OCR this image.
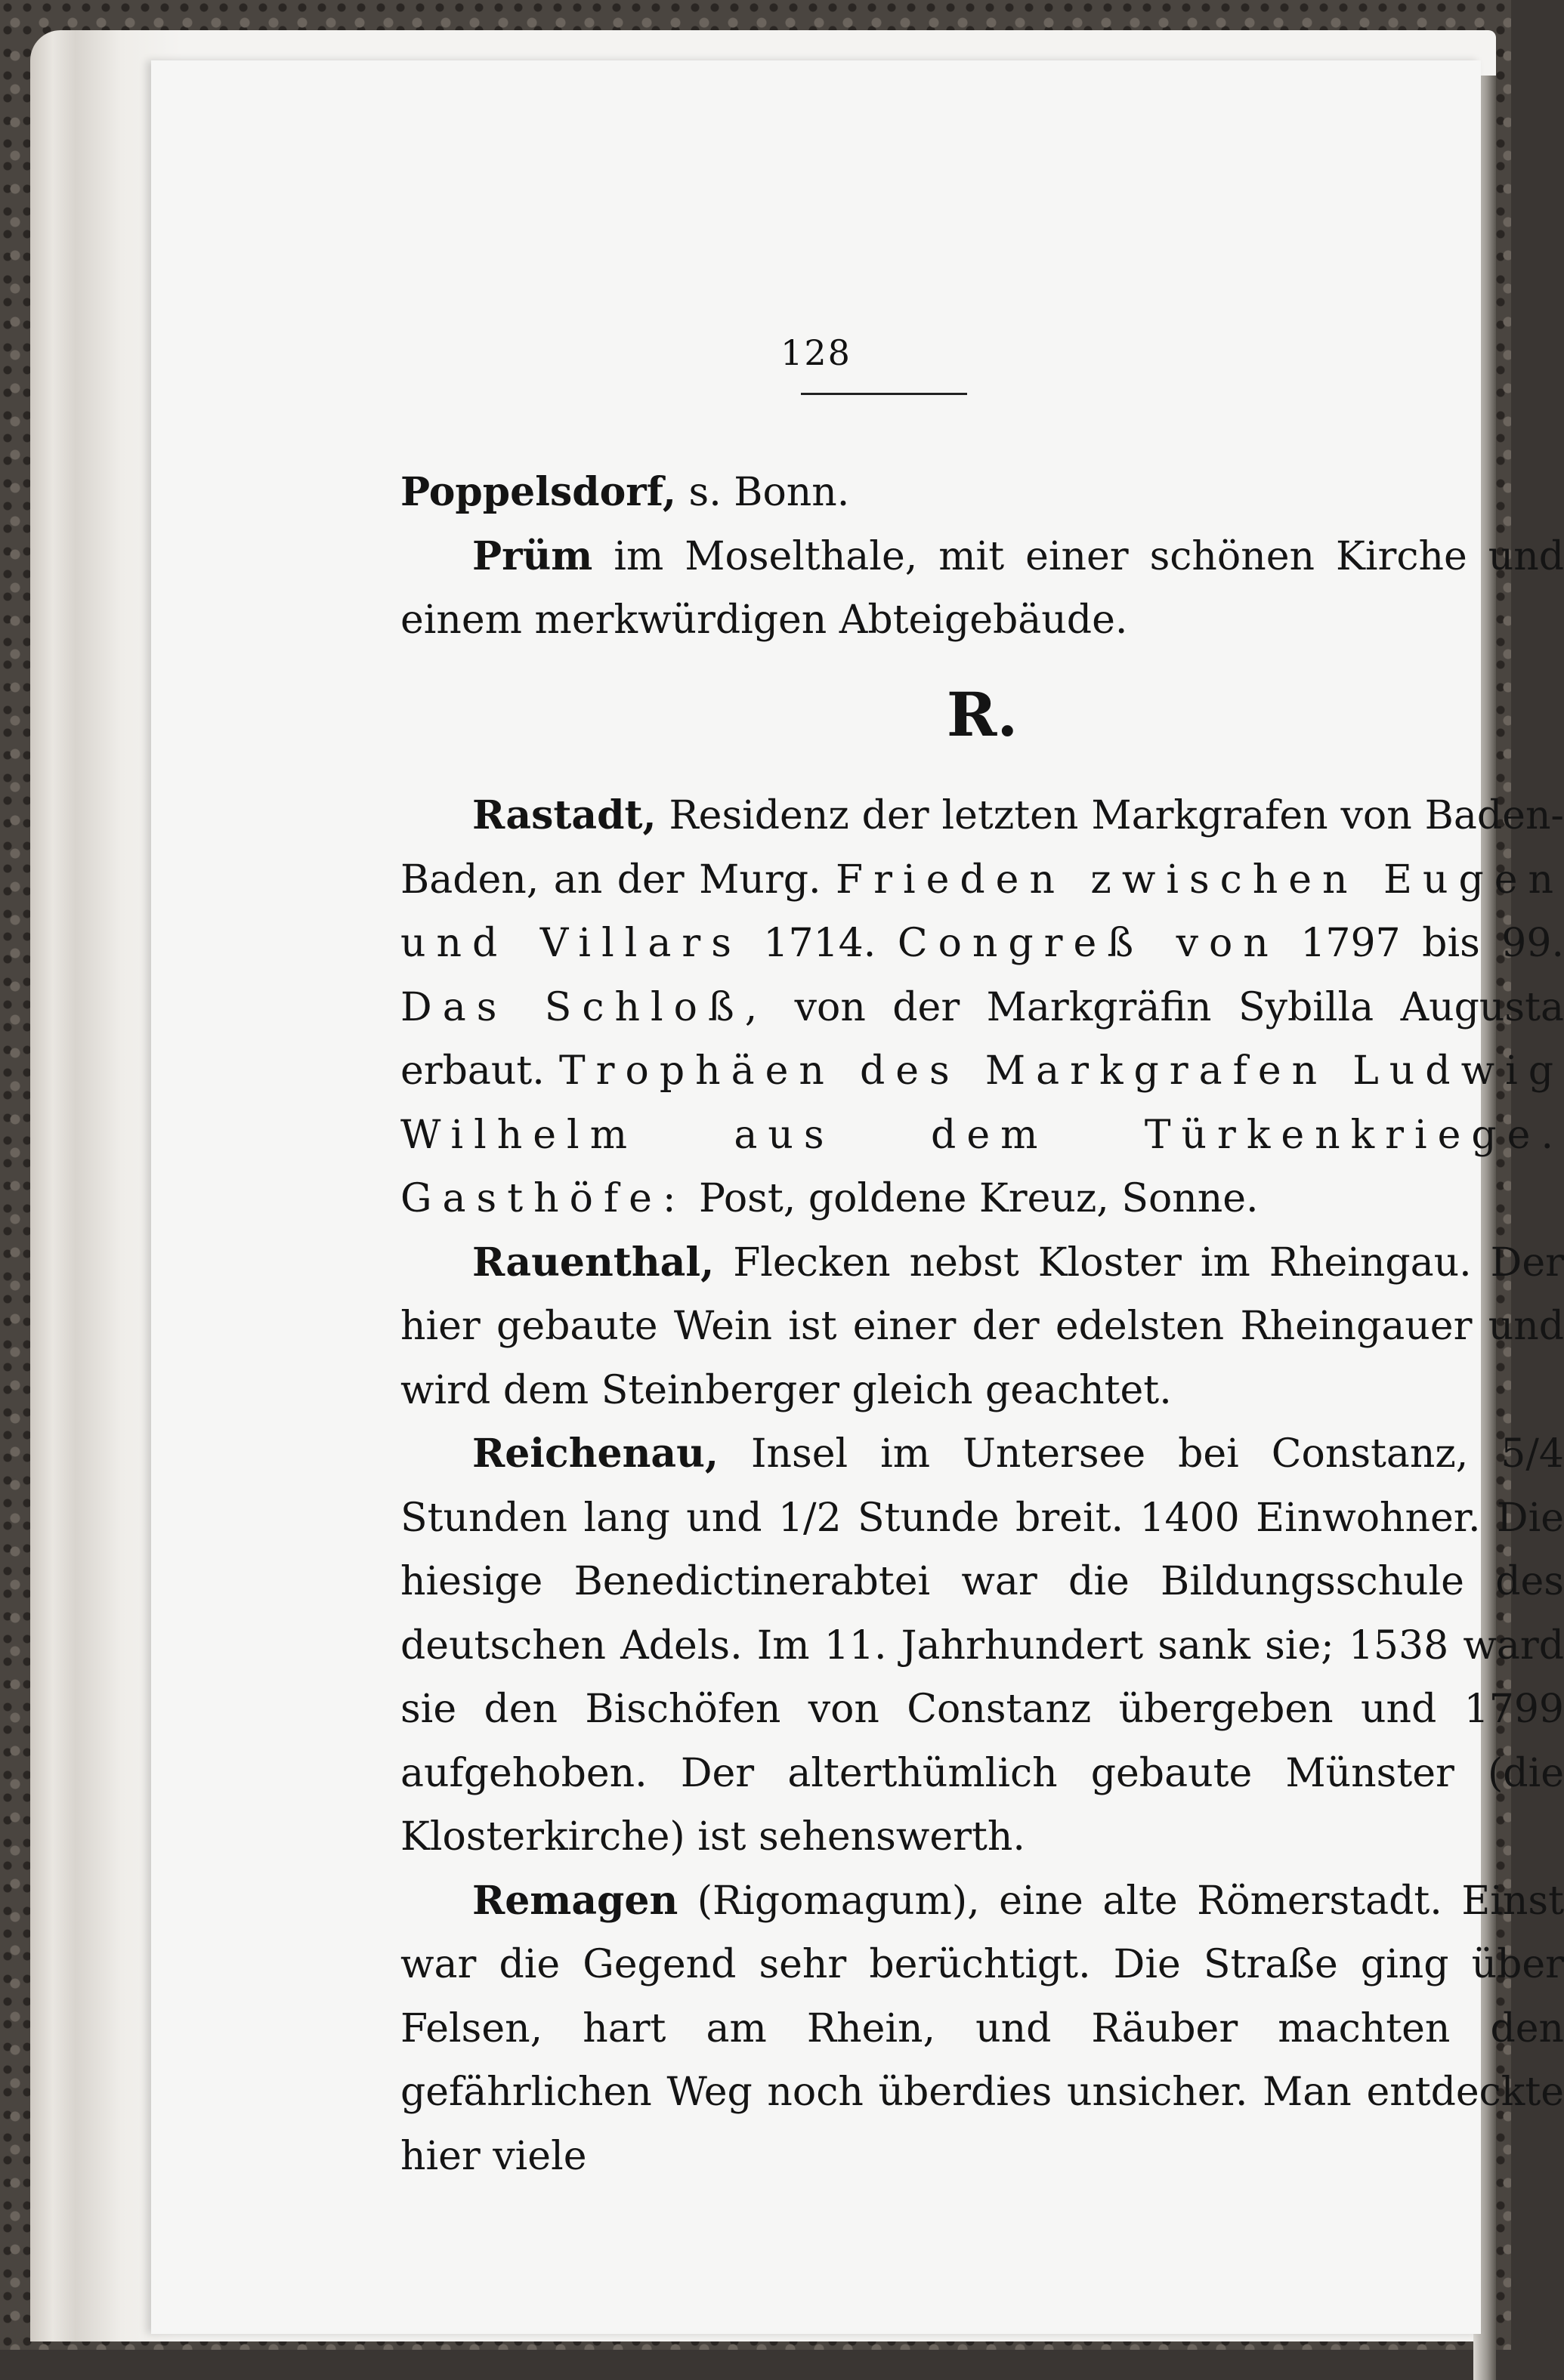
128

Poppelsdorf, s. Bonn.

Prüm im Moselthale, mit einer schönen Kirche und einem merkwürdigen Abteigebäude.

R.

Rastadt, Residenz der letzten Markgrafen von Baden-Baden, an der Murg. Frieden zwischen Eugen und Villars 1714. Congreß von 1797 bis 99. Das Schloß, von der Markgräfin Sybilla Augusta erbaut. Trophäen des Markgrafen Ludwig Wilhelm aus dem Türkenkriege. Gasthöfe: Post, goldene Kreuz, Sonne.

Rauenthal, Flecken nebst Kloster im Rheingau. Der hier gebaute Wein ist einer der edelsten Rheingauer und wird dem Steinberger gleich geachtet.

Reichenau, Insel im Untersee bei Constanz, 5/4 Stunden lang und 1/2 Stunde breit. 1400 Einwohner. Die hiesige Benedictinerabtei war die Bildungsschule des deutschen Adels. Im 11. Jahrhundert sank sie; 1538 ward sie den Bischöfen von Constanz übergeben und 1799 aufgehoben. Der alterthümlich gebaute Münster (die Klosterkirche) ist sehenswerth.

Remagen (Rigomagum), eine alte Römerstadt. Einst war die Gegend sehr berüchtigt. Die Straße ging über Felsen, hart am Rhein, und Räuber machten den gefährlichen Weg noch überdies unsicher. Man entdeckte hier viele
